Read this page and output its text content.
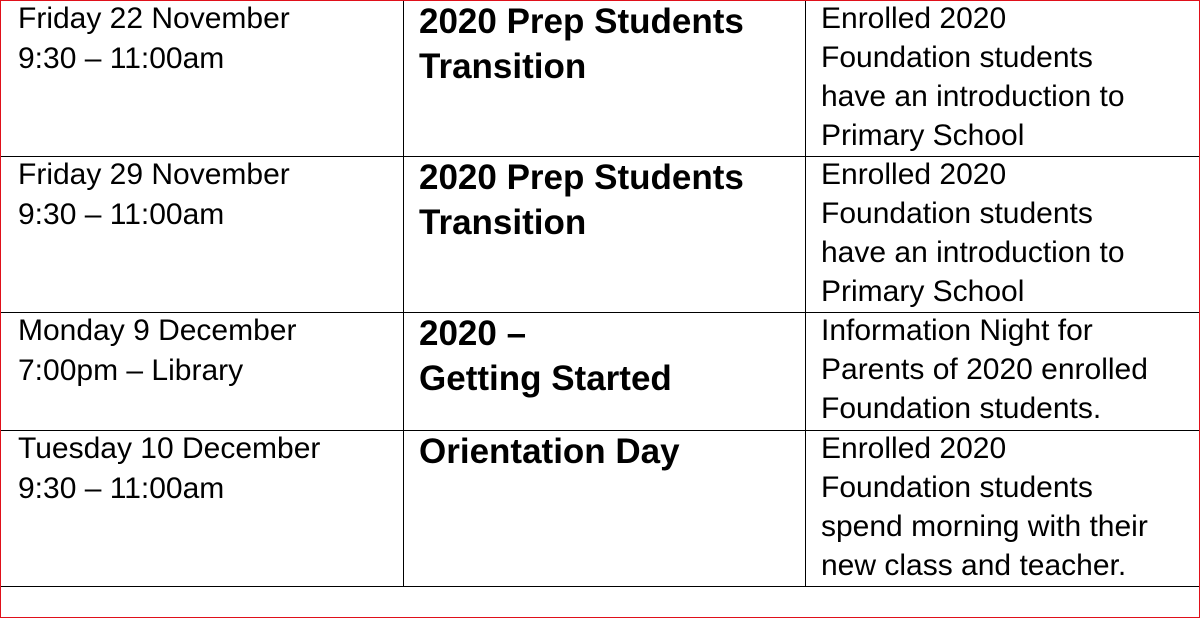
Friday 22 November
9:30 – 11:00am
2020 Prep Students
Transition
Enrolled 2020
Foundation students
have an introduction to
Primary School
Friday 29 November
9:30 – 11:00am
2020 Prep Students
Transition
Enrolled 2020
Foundation students
have an introduction to
Primary School
Monday 9 December
7:00pm – Library
2020 –
Getting Started
Information Night for
Parents of 2020 enrolled
Foundation students.
Tuesday 10 December
9:30 – 11:00am
Orientation Day	Enrolled 2020
Foundation students
spend morning with their
new class and teacher.
